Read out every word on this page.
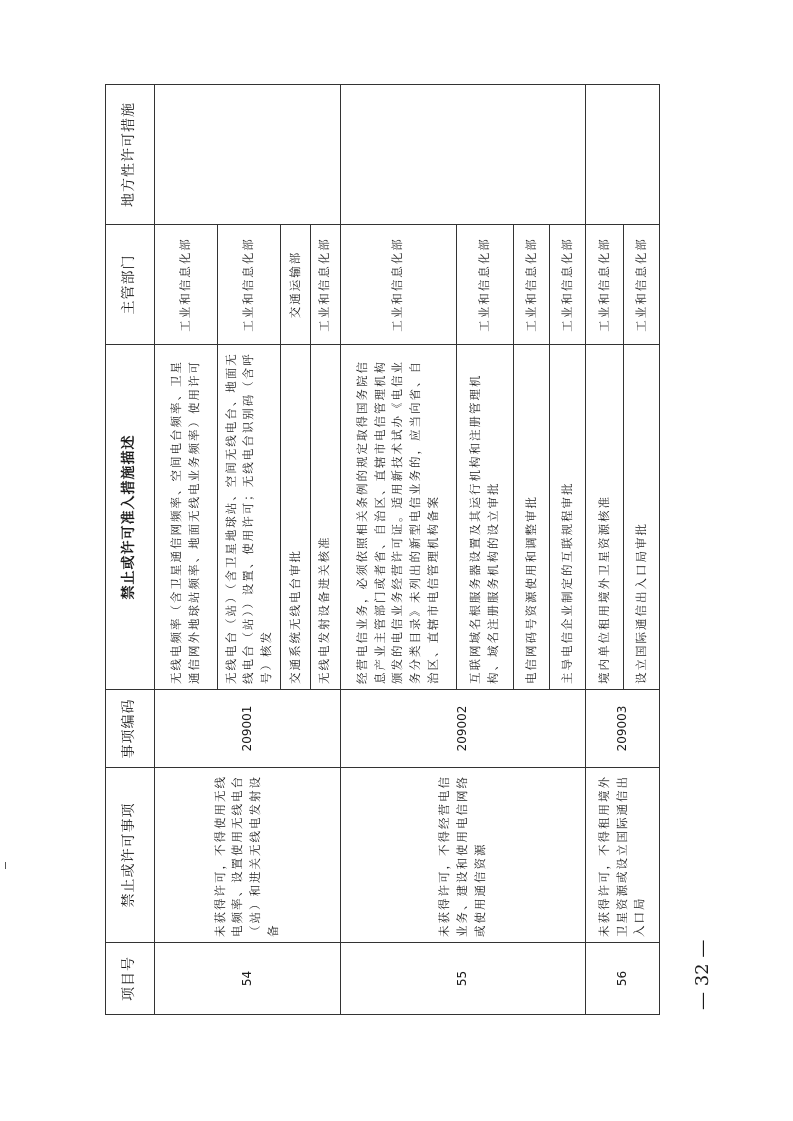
项目号	禁止或许可事项	事项编码	禁止或许可准入措施描述	主管部门	地方性许可措施
54	未获得许可，不得使用无线电频率、设置使用无线电台（站）和进关无线电发射设备	209001	无线电频率（含卫星通信网频率、空间电台频率、卫星通信网外地球站频率、地面无线电业务频率）使用许可	工业和信息化部	
			无线电台（站）（含卫星地球站、空间无线电台、地面无线电台（站））设置、使用许可；无线电台识别码（含呼号）核发	工业和信息化部	
			交通系统无线电台审批	交通运输部	
			无线电发射设备进关核准	工业和信息化部	
55	未获得许可，不得经营电信业务、建设和使用电信网络或使用通信资源	209002	经营电信业务，必须依照相关条例的规定取得国务院信息产业主管部门或者省、自治区、直辖市电信管理机构颁发的电信业务经营许可证。适用新技术试办《电信业务分类目录》未列出的新型电信业务的，应当向省、自治区、直辖市电信管理机构备案	工业和信息化部	
			互联网域名根服务器设置及其运行机构和注册管理机构、域名注册服务机构的设立审批	工业和信息化部	
			电信网码号资源使用和调整审批	工业和信息化部	
			主导电信企业制定的互联规程审批	工业和信息化部	
56	未获得许可，不得租用境外卫星资源或设立国际通信出入口局	209003	境内单位租用境外卫星资源核准	工业和信息化部	
			设立国际通信出入口局审批	工业和信息化部	
— 32 —
